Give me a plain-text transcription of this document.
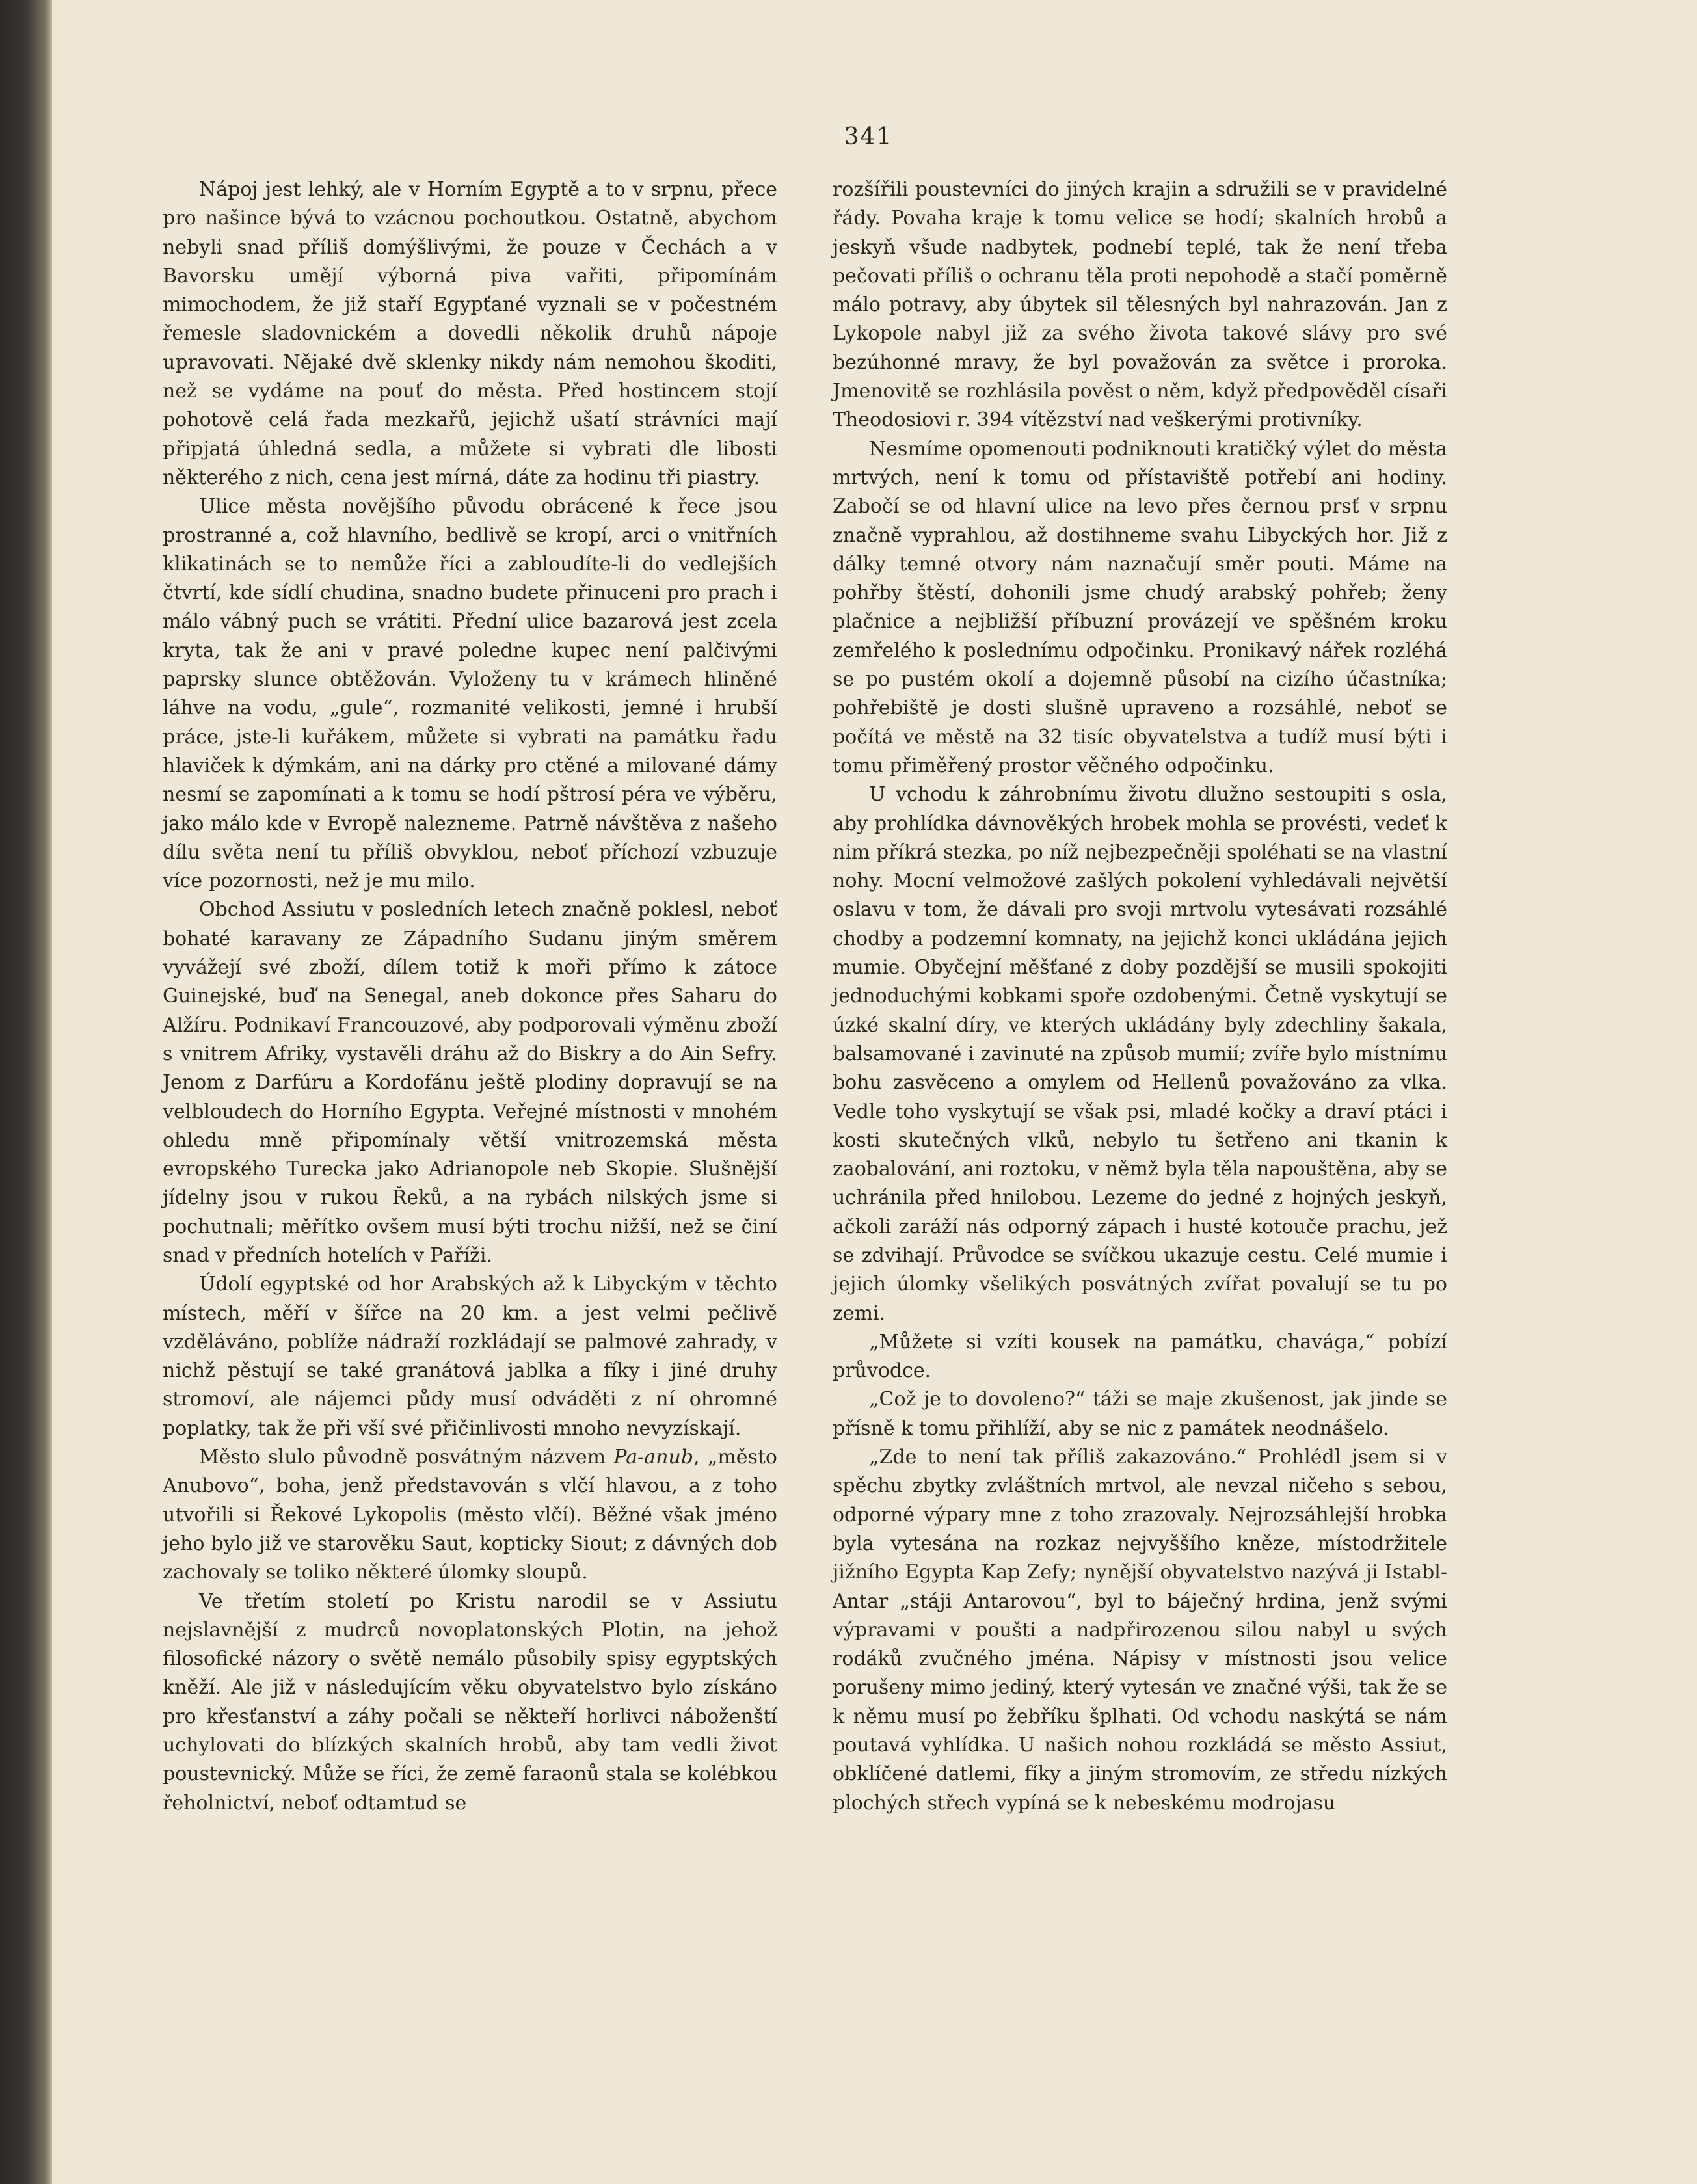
341

Nápoj jest lehký, ale v Horním Egyptě a to v srpnu, přece pro našince bývá to vzácnou pochoutkou. Ostatně, abychom nebyli snad příliš domýšlivými, že pouze v Čechách a v Bavorsku umějí výborná piva vařiti, připomínám mimochodem, že již staří Egypťané vyznali se v počestném řemesle sladovnickém a dovedli několik druhů nápoje upravovati. Nějaké dvě sklenky nikdy nám nemohou škoditi, než se vydáme na pouť do města. Před hostincem stojí pohotově celá řada mezkařů, jejichž ušatí strávníci mají připjatá úhledná sedla, a můžete si vybrati dle libosti některého z nich, cena jest mírná, dáte za hodinu tři piastry.

Ulice města novějšího původu obrácené k řece jsou prostranné a, což hlavního, bedlivě se kropí, arci o vnitřních klikatinách se to nemůže říci a zabloudíte-li do vedlejších čtvrtí, kde sídlí chudina, snadno budete přinuceni pro prach i málo vábný puch se vrátiti. Přední ulice bazarová jest zcela kryta, tak že ani v pravé poledne kupec není palčivými paprsky slunce obtěžován. Vyloženy tu v krámech hliněné láhve na vodu, „gule“, rozmanité velikosti, jemné i hrubší práce, jste-li kuřákem, můžete si vybrati na památku řadu hlaviček k dýmkám, ani na dárky pro ctěné a milované dámy nesmí se zapomínati a k tomu se hodí pštrosí péra ve výběru, jako málo kde v Evropě nalezneme. Patrně návštěva z našeho dílu světa není tu příliš obvyklou, neboť příchozí vzbuzuje více pozornosti, než je mu milo.

Obchod Assiutu v posledních letech značně poklesl, neboť bohaté karavany ze Západního Sudanu jiným směrem vyvážejí své zboží, dílem totiž k moři přímo k zátoce Guinejské, buď na Senegal, aneb dokonce přes Saharu do Alžíru. Podnikaví Francouzové, aby podporovali výměnu zboží s vnitrem Afriky, vystavěli dráhu až do Biskry a do Ain Sefry. Jenom z Darfúru a Kordofánu ještě plodiny dopravují se na velbloudech do Horního Egypta. Veřejné místnosti v mnohém ohledu mně připomínaly větší vnitrozemská města evropského Turecka jako Adrianopole neb Skopie. Slušnější jídelny jsou v rukou Řeků, a na rybách nilských jsme si pochutnali; měřítko ovšem musí býti trochu nižší, než se činí snad v předních hotelích v Paříži.

Údolí egyptské od hor Arabských až k Libyckým v těchto místech, měří v šířce na 20 km. a jest velmi pečlivě vzděláváno, poblíže nádraží rozkládají se palmové zahrady, v nichž pěstují se také granátová jablka a fíky i jiné druhy stromoví, ale nájemci půdy musí odváděti z ní ohromné poplatky, tak že při vší své přičinlivosti mnoho nevyzískají.

Město slulo původně posvátným názvem Pa-anub, „město Anubovo“, boha, jenž představován s vlčí hlavou, a z toho utvořili si Řekové Lykopolis (město vlčí). Běžné však jméno jeho bylo již ve starověku Saut, kopticky Siout; z dávných dob zachovaly se toliko některé úlomky sloupů.

Ve třetím století po Kristu narodil se v Assiutu nejslavnější z mudrců novoplatonských Plotin, na jehož filosofické názory o světě nemálo působily spisy egyptských kněží. Ale již v následujícím věku obyvatelstvo bylo získáno pro křesťanství a záhy počali se někteří horlivci náboženští uchylovati do blízkých skalních hrobů, aby tam vedli život poustevnický. Může se říci, že země faraonů stala se kolébkou řeholnictví, neboť odtamtud se

rozšířili poustevníci do jiných krajin a sdružili se v pravidelné řády. Povaha kraje k tomu velice se hodí; skalních hrobů a jeskyň všude nadbytek, podnebí teplé, tak že není třeba pečovati příliš o ochranu těla proti nepohodě a stačí poměrně málo potravy, aby úbytek sil tělesných byl nahrazován. Jan z Lykopole nabyl již za svého života takové slávy pro své bezúhonné mravy, že byl považován za světce i proroka. Jmenovitě se rozhlásila pověst o něm, když předpověděl císaři Theodosiovi r. 394 vítězství nad veškerými protivníky.

Nesmíme opomenouti podniknouti kratičký výlet do města mrtvých, není k tomu od přístaviště potřebí ani hodiny. Zabočí se od hlavní ulice na levo přes černou prsť v srpnu značně vyprahlou, až dostihneme svahu Libyckých hor. Již z dálky temné otvory nám naznačují směr pouti. Máme na pohřby štěstí, dohonili jsme chudý arabský pohřeb; ženy plačnice a nejbližší příbuzní provázejí ve spěšném kroku zemřelého k poslednímu odpočinku. Pronikavý nářek rozléhá se po pustém okolí a dojemně působí na cizího účastníka; pohřebiště je dosti slušně upraveno a rozsáhlé, neboť se počítá ve městě na 32 tisíc obyvatelstva a tudíž musí býti i tomu přiměřený prostor věčného odpočinku.

U vchodu k záhrobnímu životu dlužno sestoupiti s osla, aby prohlídka dávnověkých hrobek mohla se provésti, vedeť k nim příkrá stezka, po níž nejbezpečněji spoléhati se na vlastní nohy. Mocní velmožové zašlých pokolení vyhledávali největší oslavu v tom, že dávali pro svoji mrtvolu vytesávati rozsáhlé chodby a podzemní komnaty, na jejichž konci ukládána jejich mumie. Obyčejní měšťané z doby pozdější se musili spokojiti jednoduchými kobkami spoře ozdobenými. Četně vyskytují se úzké skalní díry, ve kterých ukládány byly zdechliny šakala, balsamované i zavinuté na způsob mumií; zvíře bylo místnímu bohu zasvěceno a omylem od Hellenů považováno za vlka. Vedle toho vyskytují se však psi, mladé kočky a draví ptáci i kosti skutečných vlků, nebylo tu šetřeno ani tkanin k zaobalování, ani roztoku, v němž byla těla napouštěna, aby se uchránila před hnilobou. Lezeme do jedné z hojných jeskyň, ačkoli zaráží nás odporný zápach i husté kotouče prachu, jež se zdvihají. Průvodce se svíčkou ukazuje cestu. Celé mumie i jejich úlomky všelikých posvátných zvířat povalují se tu po zemi.

„Můžete si vzíti kousek na památku, chavága,“ pobízí průvodce.

„Což je to dovoleno?“ táži se maje zkušenost, jak jinde se přísně k tomu přihlíží, aby se nic z památek neodnášelo.

„Zde to není tak příliš zakazováno.“ Prohlédl jsem si v spěchu zbytky zvláštních mrtvol, ale nevzal ničeho s sebou, odporné výpary mne z toho zrazovaly. Nejrozsáhlejší hrobka byla vytesána na rozkaz nejvyššího kněze, místodržitele jižního Egypta Kap Zefy; nynější obyvatelstvo nazývá ji Istabl-Antar „stáji Antarovou“, byl to báječný hrdina, jenž svými výpravami v poušti a nadpřirozenou silou nabyl u svých rodáků zvučného jména. Nápisy v místnosti jsou velice porušeny mimo jediný, který vytesán ve značné výši, tak že se k němu musí po žebříku šplhati. Od vchodu naskýtá se nám poutavá vyhlídka. U našich nohou rozkládá se město Assiut, obklíčené datlemi, fíky a jiným stromovím, ze středu nízkých plochých střech vypíná se k nebeskému modrojasu
